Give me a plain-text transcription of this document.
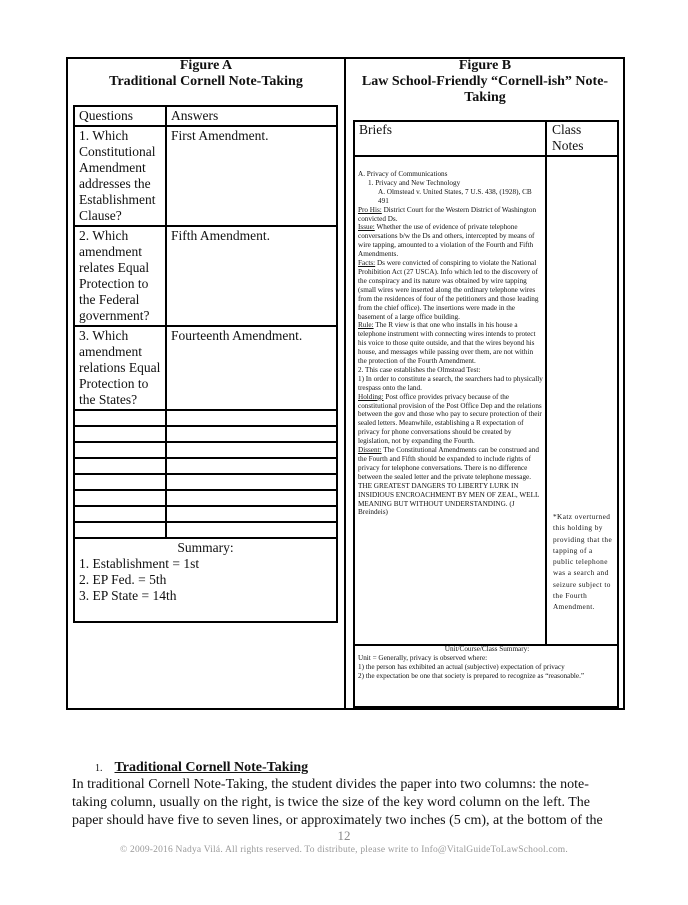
Figure A
Traditional Cornell Note-Taking
Questions	Answers
1. Which Constitutional Amendment addresses the Establishment Clause?	First Amendment.
2. Which amendment relates Equal Protection to the Federal government?	Fifth Amendment.
3. Which amendment relations Equal Protection to the States?	Fourteenth Amendment.

Summary:
1. Establishment = 1st
2. EP Fed. = 5th
3. EP State = 14th	
Figure B
Law School-Friendly “Cornell-ish” Note-Taking
Briefs	Class Notes

A. Privacy of Communications

1. Privacy and New Technology

A. Olmstead v. United States, 7 U.S. 438, (1928), CB 491

Pro His: District Court for the Western District of Washington convicted Ds.

Issue: Whether the use of evidence of private telephone conversations b/w the Ds and others, intercepted by means of wire tapping, amounted to a violation of the Fourth and Fifth Amendments.

Facts: Ds were convicted of conspiring to violate the National Prohibition Act (27 USCA). Info which led to the discovery of the conspiracy and its nature was obtained by wire tapping (small wires were inserted along the ordinary telephone wires from the residences of four of the petitioners and those leading from the chief office). The insertions were made in the basement of a large office building.

Rule: The R view is that one who installs in his house a telephone instrument with connecting wires intends to protect his voice to those quite outside, and that the wires beyond his house, and messages while passing over them, are not within the protection of the Fourth Amendment.

2. This case establishes the Olmstead Test:

1) In order to constitute a search, the searchers had to physically trespass onto the land.

Holding: Post office provides privacy because of the constitutional provision of the Post Office Dep and the relations between the gov and those who pay to secure protection of their sealed letters. Meanwhile, establishing a R expectation of privacy for phone conversations should be created by legislation, not by expanding the Fourth.

Dissent: The Constitutional Amendments can be construed and the Fourth and Fifth should be expanded to include rights of privacy for telephone conversations. There is no difference between the sealed letter and the private telephone message. THE GREATEST DANGERS TO LIBERTY LURK IN INSIDIOUS ENCROACHMENT BY MEN OF ZEAL, WELL MEANING BUT WITHOUT UNDERSTANDING. (J Breindeis)	*Katz overturned this holding by providing that the tapping of a public telephone was a search and seizure subject to the Fourth Amendment.

Unit/Course/Class Summary:

Unit = Generally, privacy is observed where:

1) the person has exhibited an actual (subjective) expectation of privacy

2) the expectation be one that society is prepared to recognize as “reasonable.”

1. Traditional Cornell Note-Taking
In traditional Cornell Note-Taking, the student divides the paper into two columns: the note-taking column, usually on the right, is twice the size of the key word column on the left. The paper should have five to seven lines, or approximately two inches (5 cm), at the bottom of the
12
© 2009-2016 Nadya Vilá. All rights reserved. To distribute, please write to Info@VitalGuideToLawSchool.com.
